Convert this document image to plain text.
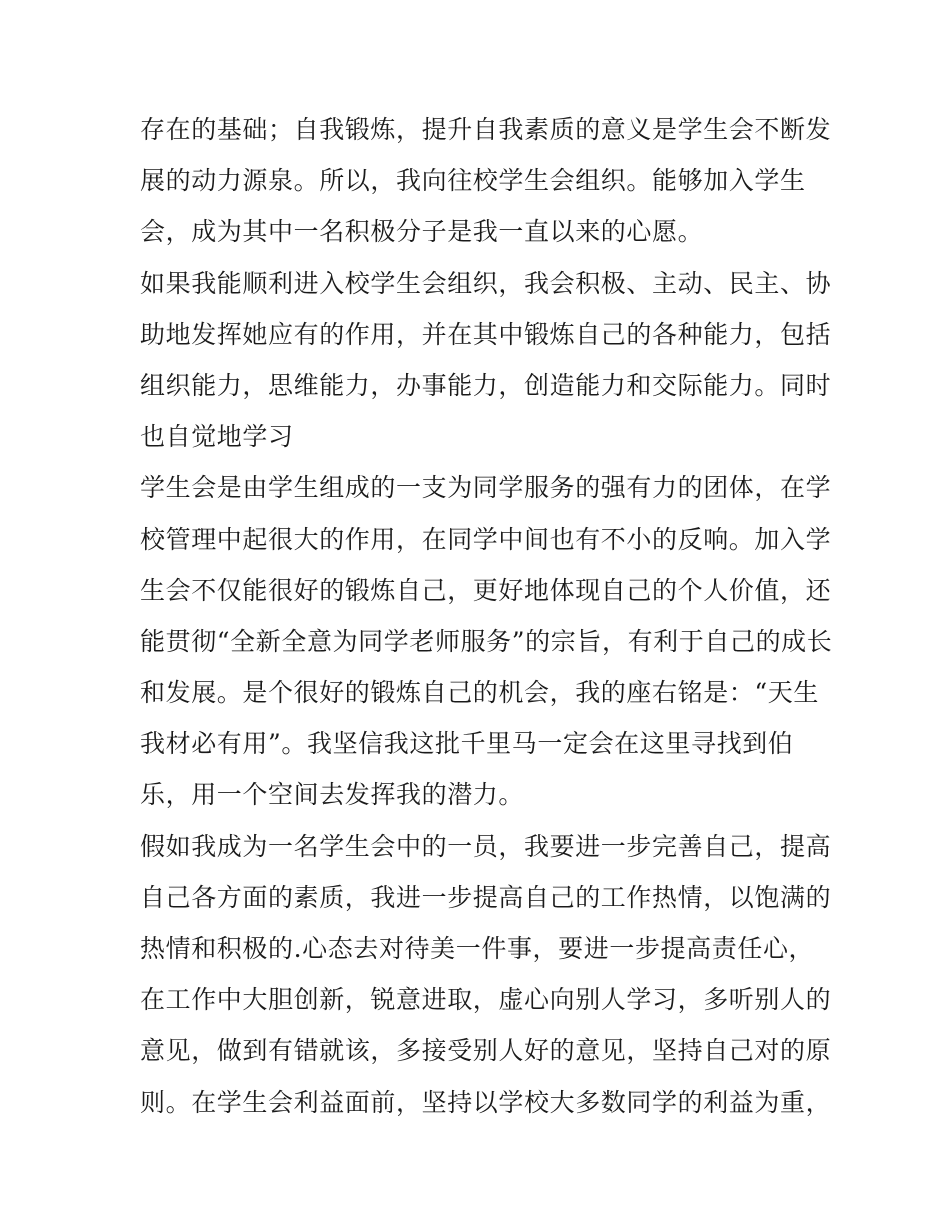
存在的基础；自我锻炼，提升自我素质的意义是学生会不断发
展的动力源泉。所以，我向往校学生会组织。能够加入学生
会，成为其中一名积极分子是我一直以来的心愿。
如果我能顺利进入校学生会组织，我会积极、主动、民主、协
助地发挥她应有的作用，并在其中锻炼自己的各种能力，包括
组织能力，思维能力，办事能力，创造能力和交际能力。同时
也自觉地学习
学生会是由学生组成的一支为同学服务的强有力的团体，在学
校管理中起很大的作用，在同学中间也有不小的反响。加入学
生会不仅能很好的锻炼自己，更好地体现自己的个人价值，还
能贯彻“全新全意为同学老师服务”的宗旨，有利于自己的成长
和发展。是个很好的锻炼自己的机会，我的座右铭是：“天生
我材必有用”。我坚信我这批千里马一定会在这里寻找到伯
乐，用一个空间去发挥我的潜力。
假如我成为一名学生会中的一员，我要进一步完善自己，提高
自己各方面的素质，我进一步提高自己的工作热情，以饱满的
热情和积极的.心态去对待美一件事，要进一步提高责任心，
在工作中大胆创新，锐意进取，虚心向别人学习，多听别人的
意见，做到有错就该，多接受别人好的意见，坚持自己对的原
则。在学生会利益面前，坚持以学校大多数同学的利益为重，
